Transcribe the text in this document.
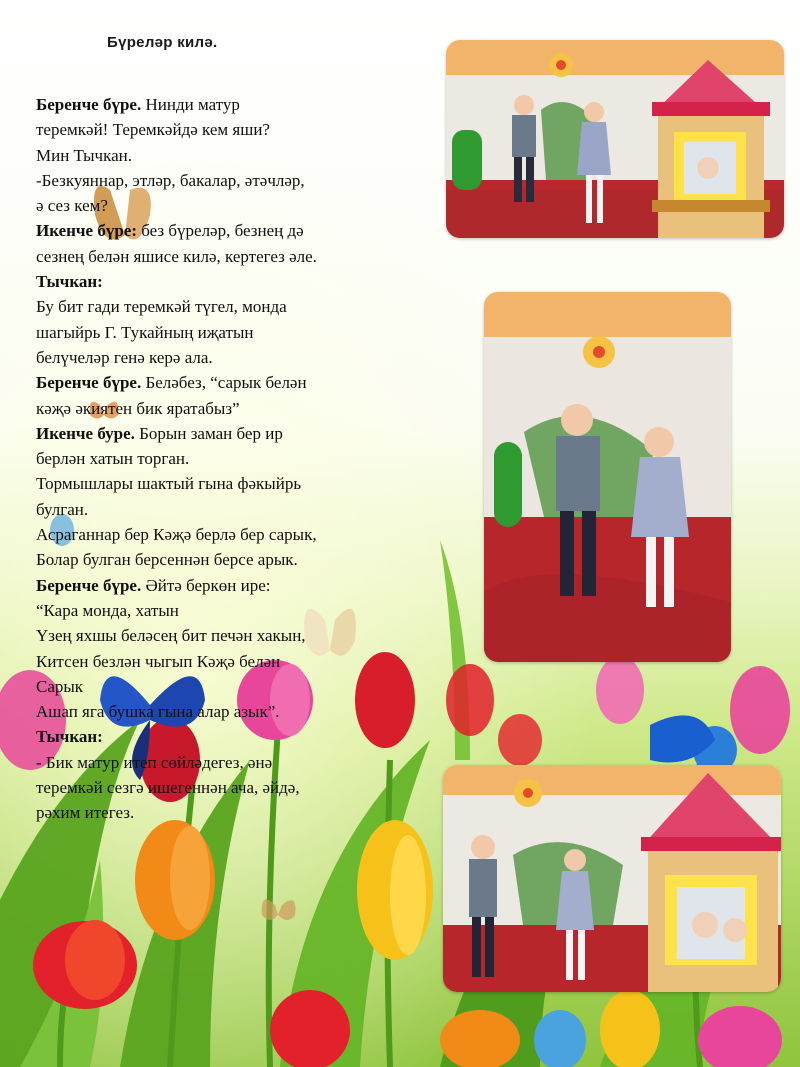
Бүреләр килә.
Беренче бүре. Нинди матур
теремкәй! Теремкәйдә кем яши?
Мин Тычкан.
-Безкуяннар, этләр, бакалар, әтәчләр,
ә сез кем?
Икенче бүре: без бүреләр, безнең дә
сезнең белән яшисе килә, кертегез әле.
Тычкан:
Бу бит гади теремкәй түгел, монда
шагыйрь Г. Тукайның иҗатын
белүчеләр генә керә ала.
Беренче бүре. Беләбез, “сарык белән
кәҗә әкиятен бик яратабыз”
Икенче буре. Борын заман бер ир
берлән хатын торган.
Тормышлары шактый гына фәкыйрь
булган.
Асраганнар бер Кәҗә берлә бер сарык,
Болар булган берсеннән берсе арык.
Беренче бүре. Әйтә беркөн ире:
“Кара монда, хатын
Үзең яхшы беләсең бит печән хакын,
Китсен безлән чыгып Кәҗә белән
Сарык
Ашап яга бушка гына алар азык”.
Тычкан:
- Бик матур итеп сөйләдегез, әнә
теремкәй сезгә ишегеннән ача, әйдә,
рәхим итегез.
